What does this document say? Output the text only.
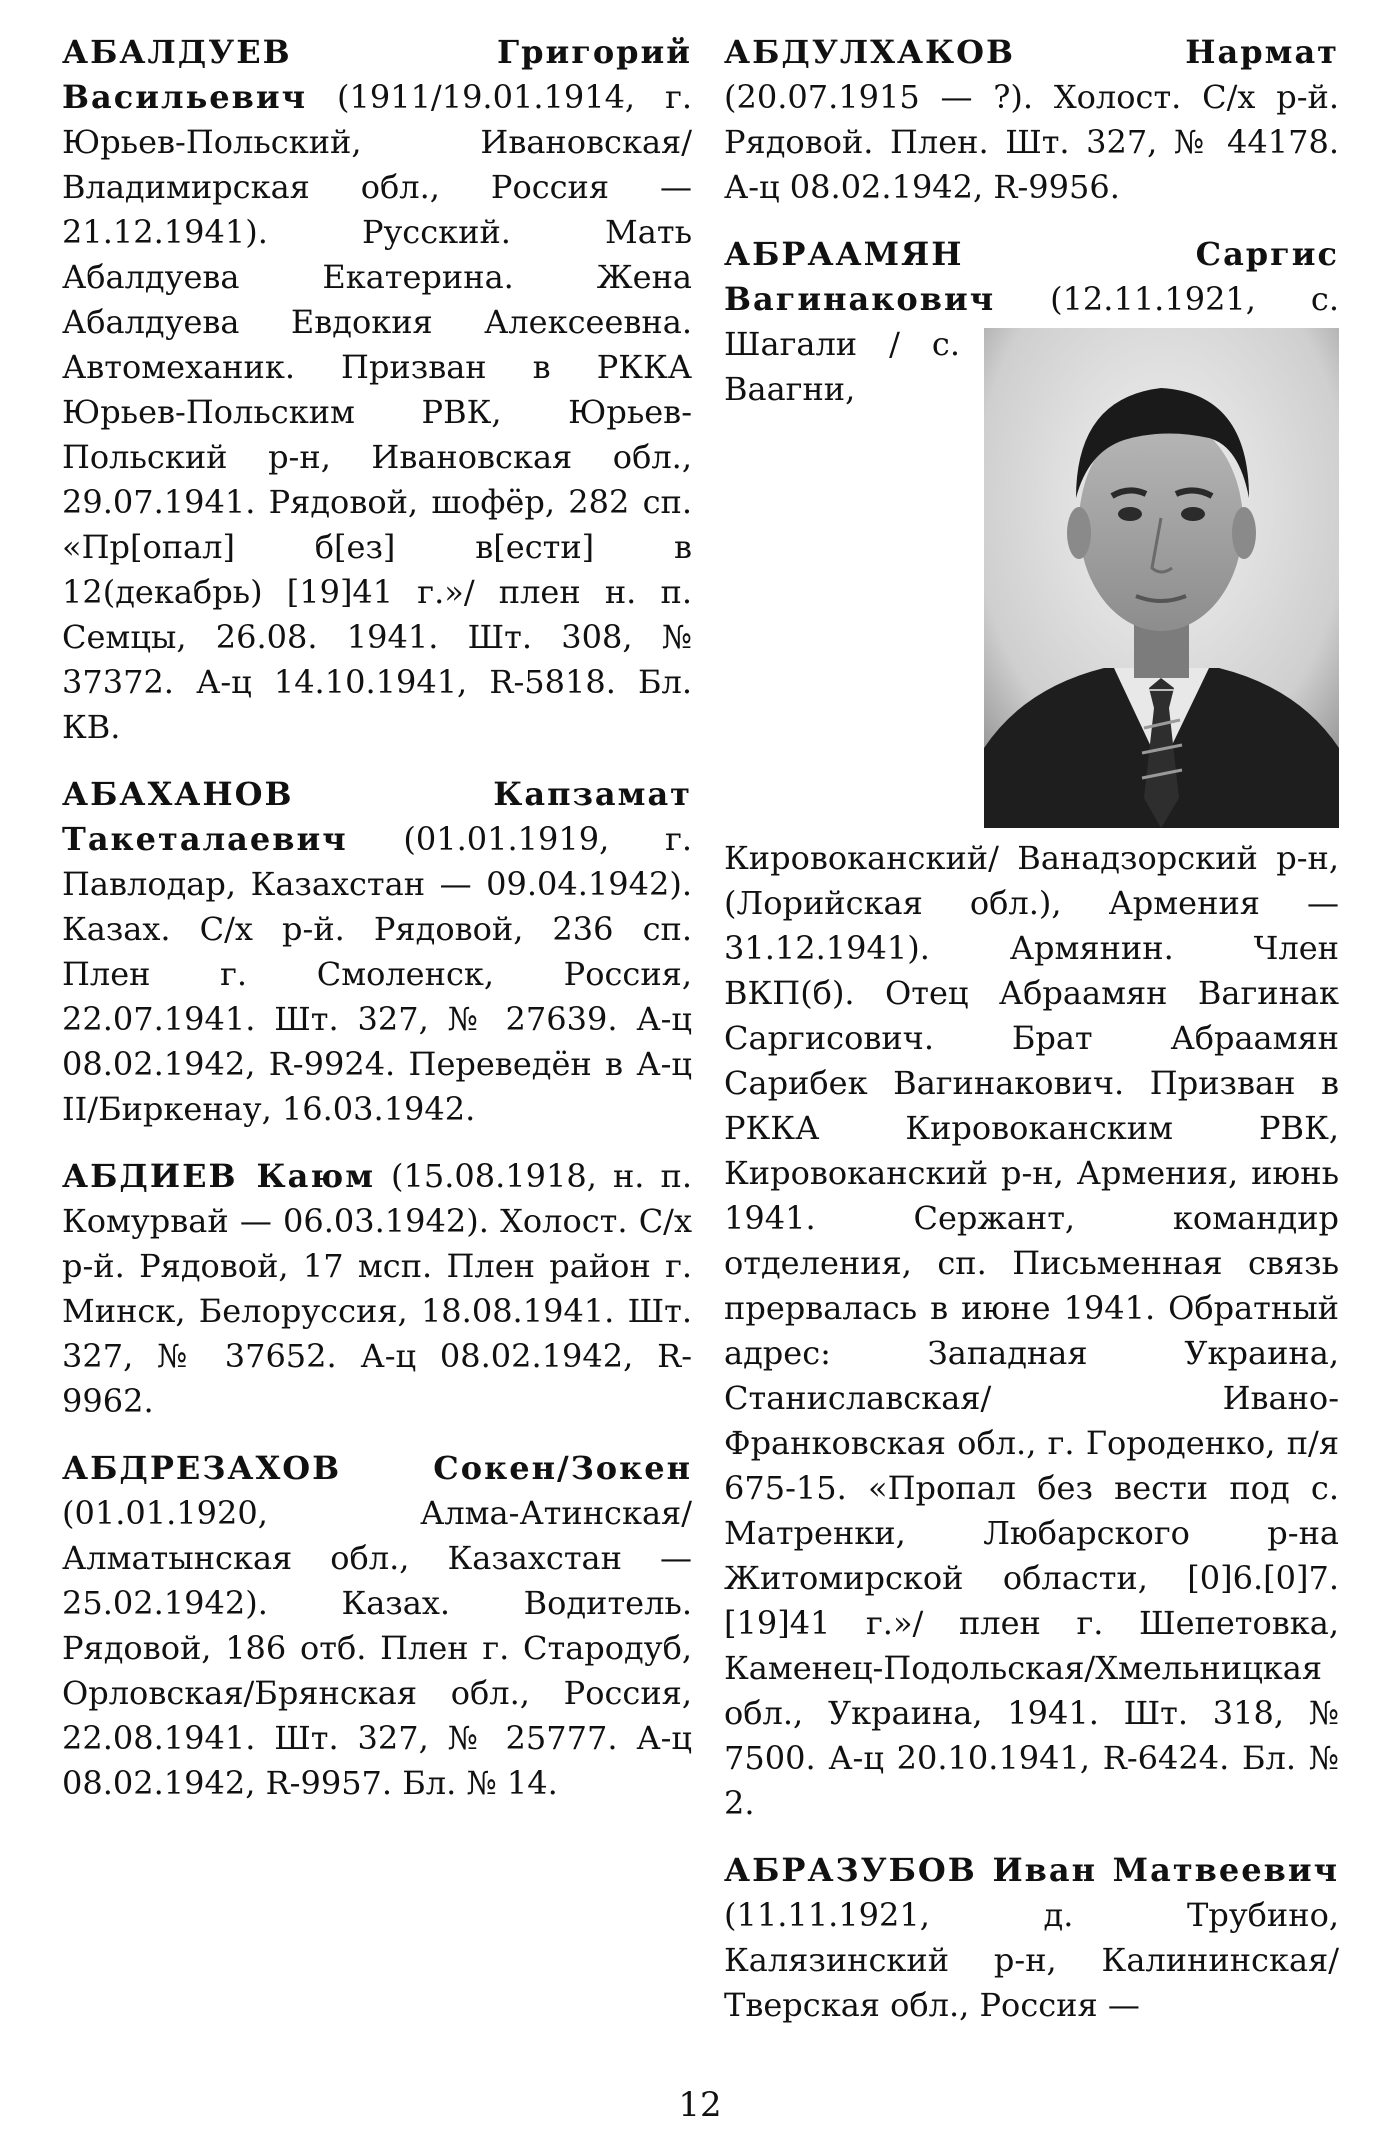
АБАЛДУЕВ Григорий Васильевич (1911/19.01.1914, г. Юрьев-Польский, Ивановская/Владимирская обл., Россия — 21.12.1941). Русский. Мать Абалдуева Екатерина. Жена Абалдуева Евдокия Алексеевна. Автомеханик. Призван в РККА Юрьев-Польским РВК, Юрьев-Польский р-н, Ивановская обл., 29.07.1941. Рядовой, шофёр, 282 сп. «Пр[опал] б[ез] в[ести] в 12(декабрь) [19]41 г.»/ плен н. п. Семцы, 26.08. 1941. Шт. 308, № 37372. А-ц 14.10.1941, R-5818. Бл. КВ.

АБАХАНОВ Капзамат Такеталаевич (01.01.1919, г. Павлодар, Казахстан — 09.04.1942). Казах. С/х р-й. Рядовой, 236 сп. Плен г. Смоленск, Россия, 22.07.1941. Шт. 327, № 27639. А-ц 08.02.1942, R-9924. Переведён в А-ц II/Биркенау, 16.03.1942.

АБДИЕВ Каюм (15.08.1918, н. п. Комурвай — 06.03.1942). Холост. С/х р-й. Рядовой, 17 мсп. Плен район г. Минск, Белоруссия, 18.08.1941. Шт. 327, № 37652. А-ц 08.02.1942, R-9962.

АБДРЕЗАХОВ Сокен/Зокен (01.01.1920, Алма-Атинская/ Алматынская обл., Казахстан — 25.02.1942). Казах. Водитель. Рядовой, 186 отб. Плен г. Стародуб, Орловская/Брянская обл., Россия, 22.08.1941. Шт. 327, № 25777. А-ц 08.02.1942, R-9957. Бл. № 14.

АБДУЛХАКОВ Нармат (20.07.1915 — ?). Холост. С/х р-й. Рядовой. Плен. Шт. 327, № 44178. А-ц 08.02.1942, R-9956.

АБРААМЯН Саргис Вагинакович
(12.11.1921, с. Шагали / с. Ваагни, Кировоканский/ Ванадзорский р-н, (Лорийская обл.), Армения — 31.12.1941). Армянин. Член ВКП(б). Отец Абраамян Вагинак Саргисович. Брат Абраамян Сарибек Вагинакович. Призван в РККА Кировоканским РВК, Кировоканский р-н, Армения, июнь 1941. Сержант, командир отделения, сп. Письменная связь прервалась в июне 1941. Обратный адрес: Западная Украина, Станиславская/ Ивано-Франковская обл., г. Городенко, п/я 675-15. «Пропал без вести под с. Матренки, Любарского р-на Житомирской области, [0]6.[0]7.[19]41 г.»/ плен г. Шепетовка, Каменец-Подольская/Хмельницкая обл., Украина, 1941. Шт. 318, № 7500. А-ц 20.10.1941, R-6424. Бл. № 2.

АБРАЗУБОВ Иван Матвеевич (11.11.1921, д. Трубино, Калязинский р-н, Калининская/Тверская обл., Россия —

12
